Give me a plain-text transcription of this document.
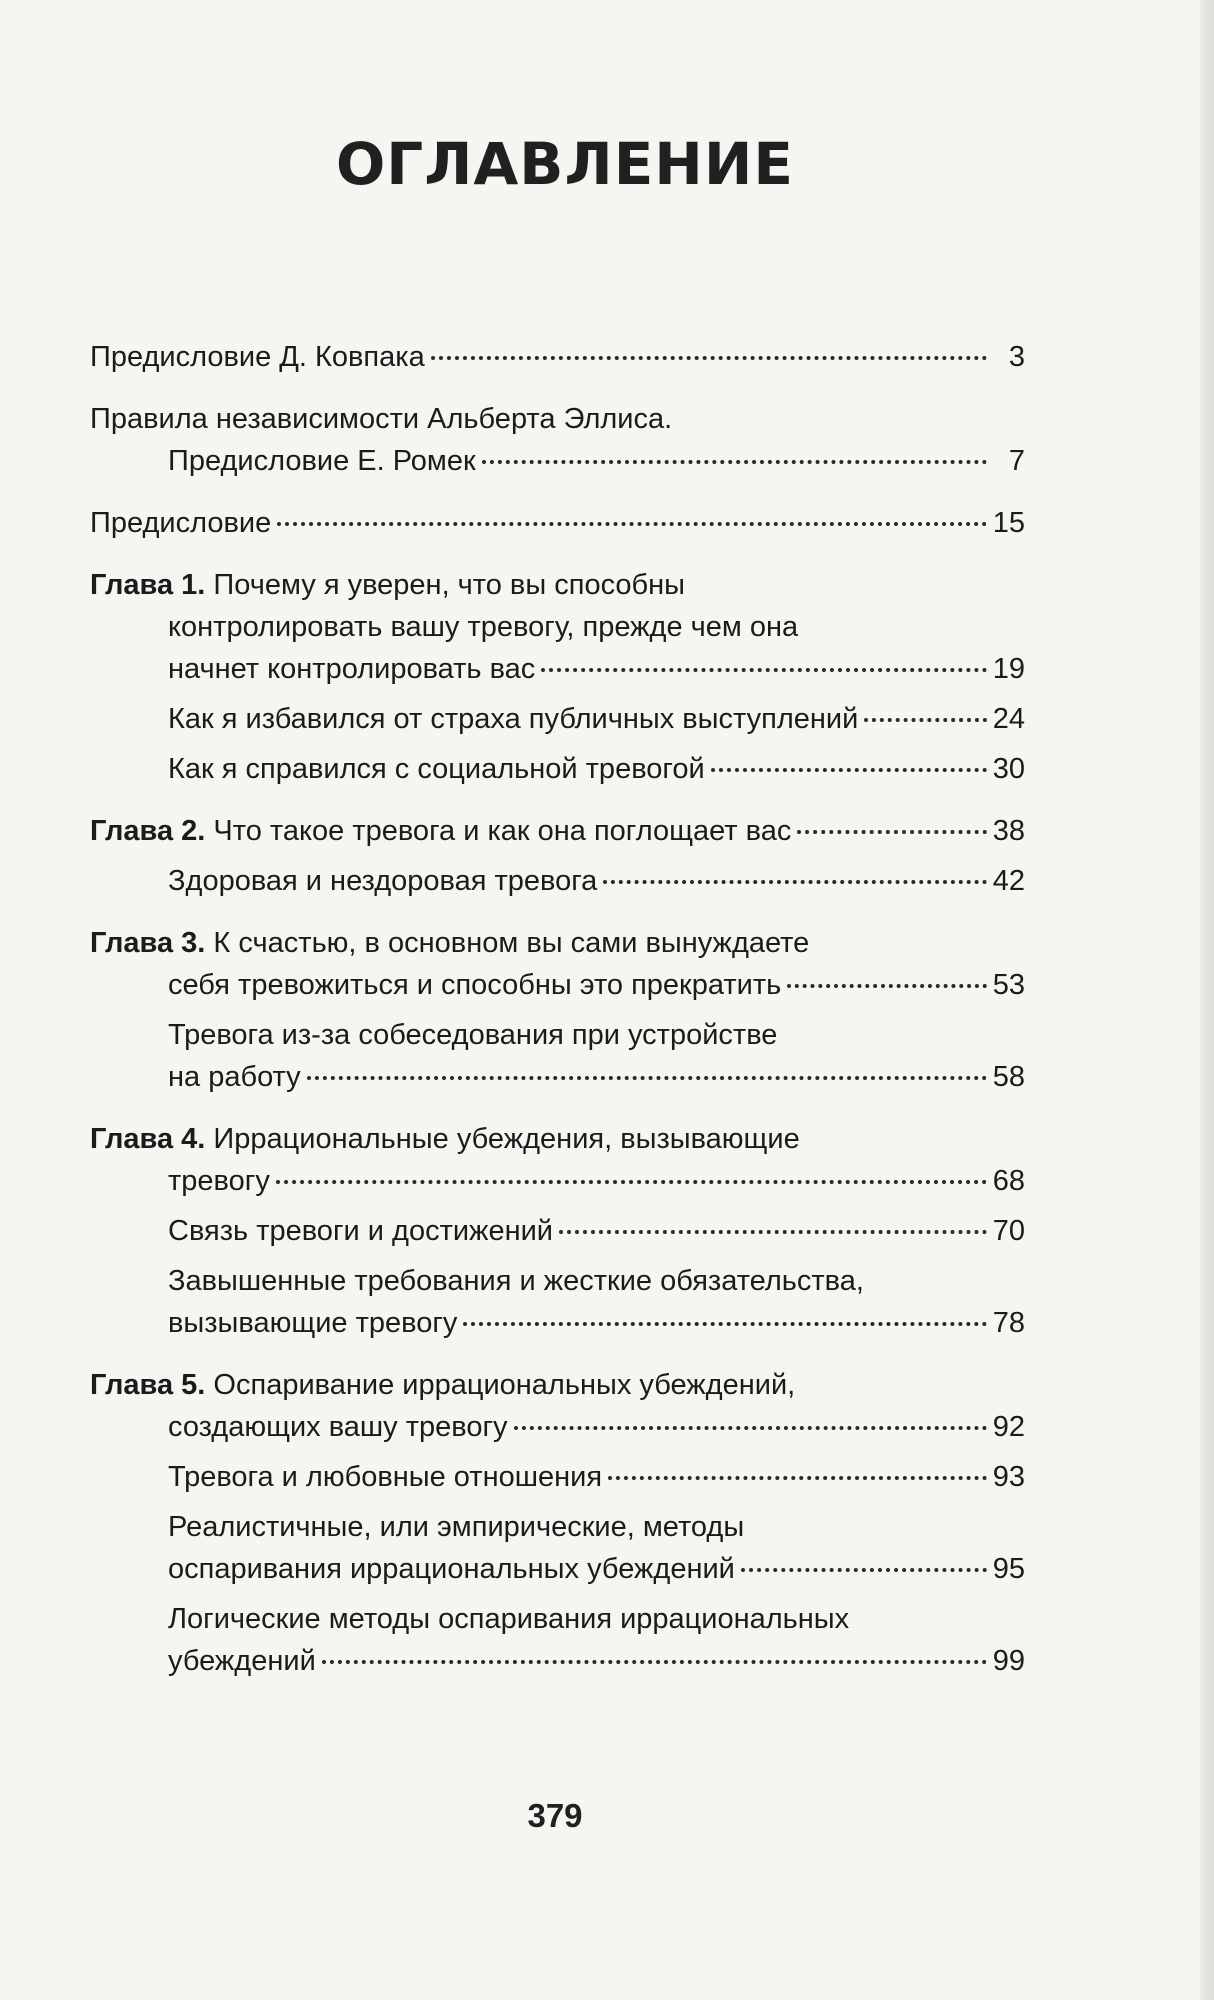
ОГЛАВЛЕНИЕ
Предисловие Д. Ковпака	3
Правила независимости Альберта Эллиса.
Предисловие Е. Ромек	7
Предисловие	15
Глава 1. Почему я уверен, что вы способны
контролировать вашу тревогу, прежде чем она
начнет контролировать вас	19
Как я избавился от страха публичных выступлений	24
Как я справился с социальной тревогой	30
Глава 2. Что такое тревога и как она поглощает вас	38
Здоровая и нездоровая тревога	42
Глава 3. К счастью, в основном вы сами вынуждаете
себя тревожиться и способны это прекратить	53
Тревога из-за собеседования при устройстве
на работу	58
Глава 4. Иррациональные убеждения, вызывающие
тревогу	68
Связь тревоги и достижений	70
Завышенные требования и жесткие обязательства,
вызывающие тревогу	78
Глава 5. Оспаривание иррациональных убеждений,
создающих вашу тревогу	92
Тревога и любовные отношения	93
Реалистичные, или эмпирические, методы
оспаривания иррациональных убеждений	95
Логические методы оспаривания иррациональных
убеждений	99
379
